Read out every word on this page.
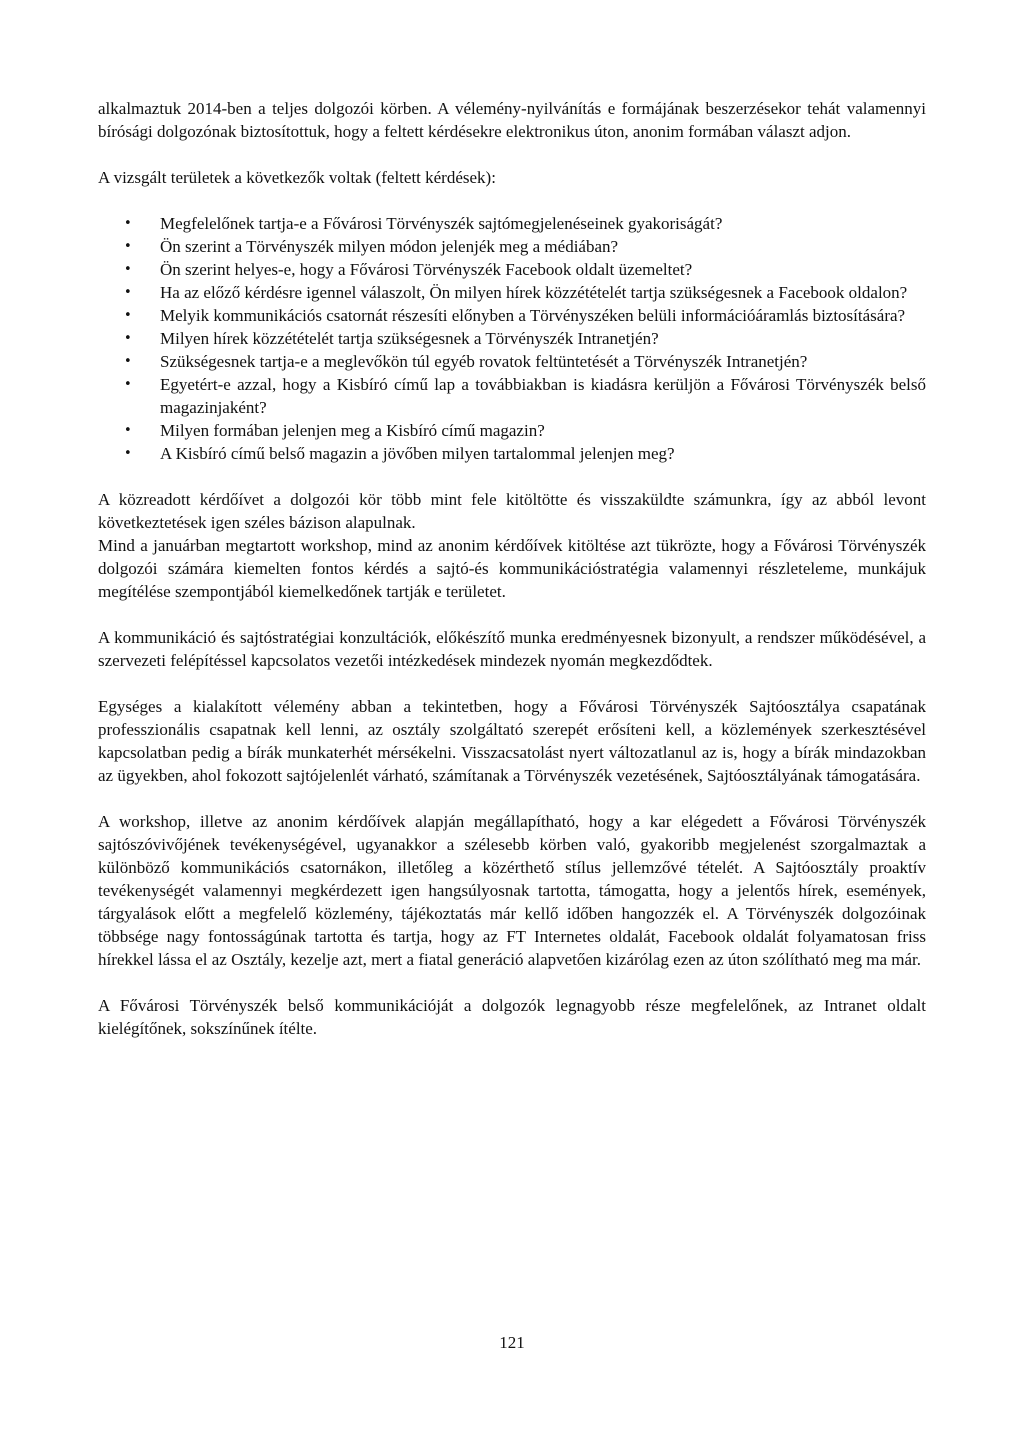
alkalmaztuk 2014-ben a teljes dolgozói körben. A vélemény-nyilvánítás e formájának beszerzésekor tehát valamennyi bírósági dolgozónak biztosítottuk, hogy a feltett kérdésekre elektronikus úton, anonim formában választ adjon.

A vizsgált területek a következők voltak (feltett kérdések):

• Megfelelőnek tartja-e a Fővárosi Törvényszék sajtómegjelenéseinek gyakoriságát?
• Ön szerint a Törvényszék milyen módon jelenjék meg a médiában?
• Ön szerint helyes-e, hogy a Fővárosi Törvényszék Facebook oldalt üzemeltet?
• Ha az előző kérdésre igennel válaszolt, Ön milyen hírek közzétételét tartja szükségesnek a Facebook oldalon?
• Melyik kommunikációs csatornát részesíti előnyben a Törvényszéken belüli információáramlás biztosítására?
• Milyen hírek közzétételét tartja szükségesnek a Törvényszék Intranetjén?
• Szükségesnek tartja-e a meglevőkön túl egyéb rovatok feltüntetését a Törvényszék Intranetjén?
• Egyetért-e azzal, hogy a Kisbíró című lap a továbbiakban is kiadásra kerüljön a Fővárosi Törvényszék belső magazinjaként?
• Milyen formában jelenjen meg a Kisbíró című magazin?
• A Kisbíró című belső magazin a jövőben milyen tartalommal jelenjen meg?

A közreadott kérdőívet a dolgozói kör több mint fele kitöltötte és visszaküldte számunkra, így az abból levont következtetések igen széles bázison alapulnak.

Mind a januárban megtartott workshop, mind az anonim kérdőívek kitöltése azt tükrözte, hogy a Fővárosi Törvényszék dolgozói számára kiemelten fontos kérdés a sajtó-és kommunikációstratégia valamennyi részleteleme, munkájuk megítélése szempontjából kiemelkedőnek tartják e területet.

A kommunikáció és sajtóstratégiai konzultációk, előkészítő munka eredményesnek bizonyult, a rendszer működésével, a szervezeti felépítéssel kapcsolatos vezetői intézkedések mindezek nyomán megkezdődtek.

Egységes a kialakított vélemény abban a tekintetben, hogy a Fővárosi Törvényszék Sajtóosztálya csapatának professzionális csapatnak kell lenni, az osztály szolgáltató szerepét erősíteni kell, a közlemények szerkesztésével kapcsolatban pedig a bírák munkaterhét mérsékelni. Visszacsatolást nyert változatlanul az is, hogy a bírák mindazokban az ügyekben, ahol fokozott sajtójelenlét várható, számítanak a Törvényszék vezetésének, Sajtóosztályának támogatására.

A workshop, illetve az anonim kérdőívek alapján megállapítható, hogy a kar elégedett a Fővárosi Törvényszék sajtószóvivőjének tevékenységével, ugyanakkor a szélesebb körben való, gyakoribb megjelenést szorgalmaztak a különböző kommunikációs csatornákon, illetőleg a közérthető stílus jellemzővé tételét. A Sajtóosztály proaktív tevékenységét valamennyi megkérdezett igen hangsúlyosnak tartotta, támogatta, hogy a jelentős hírek, események, tárgyalások előtt a megfelelő közlemény, tájékoztatás már kellő időben hangozzék el. A Törvényszék dolgozóinak többsége nagy fontosságúnak tartotta és tartja, hogy az FT Internetes oldalát, Facebook oldalát folyamatosan friss hírekkel lássa el az Osztály, kezelje azt, mert a fiatal generáció alapvetően kizárólag ezen az úton szólítható meg ma már.

A Fővárosi Törvényszék belső kommunikációját a dolgozók legnagyobb része megfelelőnek, az Intranet oldalt kielégítőnek, sokszínűnek ítélte.

121
